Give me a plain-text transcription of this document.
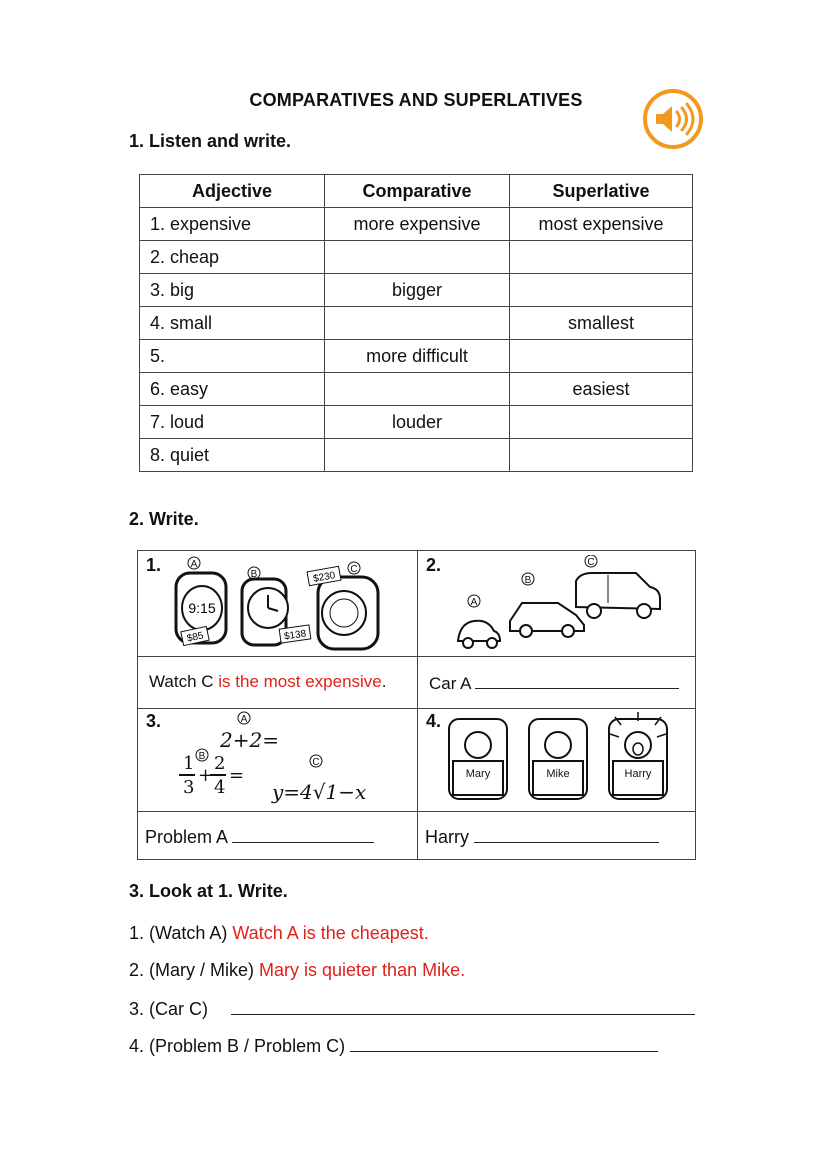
COMPARATIVES AND SUPERLATIVES
1. Listen and write.
Adjective	Comparative	Superlative
1. expensive	more expensive	most expensive
2. cheap		
3. big	bigger	
4. small		smallest
5.	more difficult	
6. easy		easiest
7. loud	louder	
8. quiet		
2. Write.
1.	A
B	C
9:15
$85	$138
$230
Watch C is the most expensive.
2.
A
B
C
Car A
3.	A
2+2=
B
1
3
+
2
4
=
C
y=4√1−x
Problem A
4.
Mary	Mike	Harry
Harry
3. Look at 1. Write.
1. (Watch A) Watch A is the cheapest.
2. (Mary / Mike) Mary is quieter than Mike.
3. (Car C)
4. (Problem B / Problem C)
